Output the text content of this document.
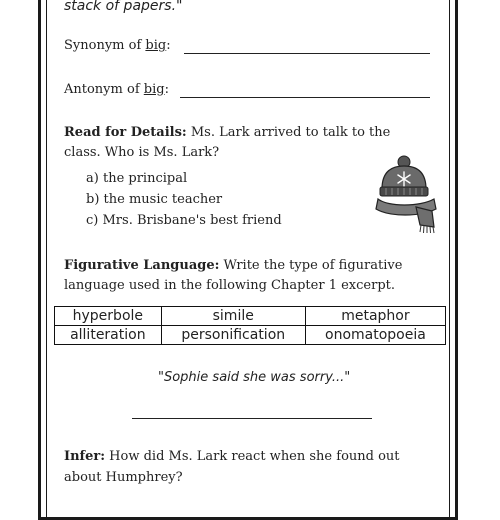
stack of papers."
Synonym of big:
Antonym of big:
Read for Details: Ms. Lark arrived to talk to the
class. Who is Ms. Lark?
a) the principal
b) the music teacher
c) Mrs. Brisbane's best friend
Figurative Language: Write the type of figurative
language used in the following Chapter 1 excerpt.
hyperbole	simile	metaphor
alliteration	personification	onomatopoeia
"Sophie said she was sorry..."
Infer: How did Ms. Lark react when she found out
about Humphrey?
